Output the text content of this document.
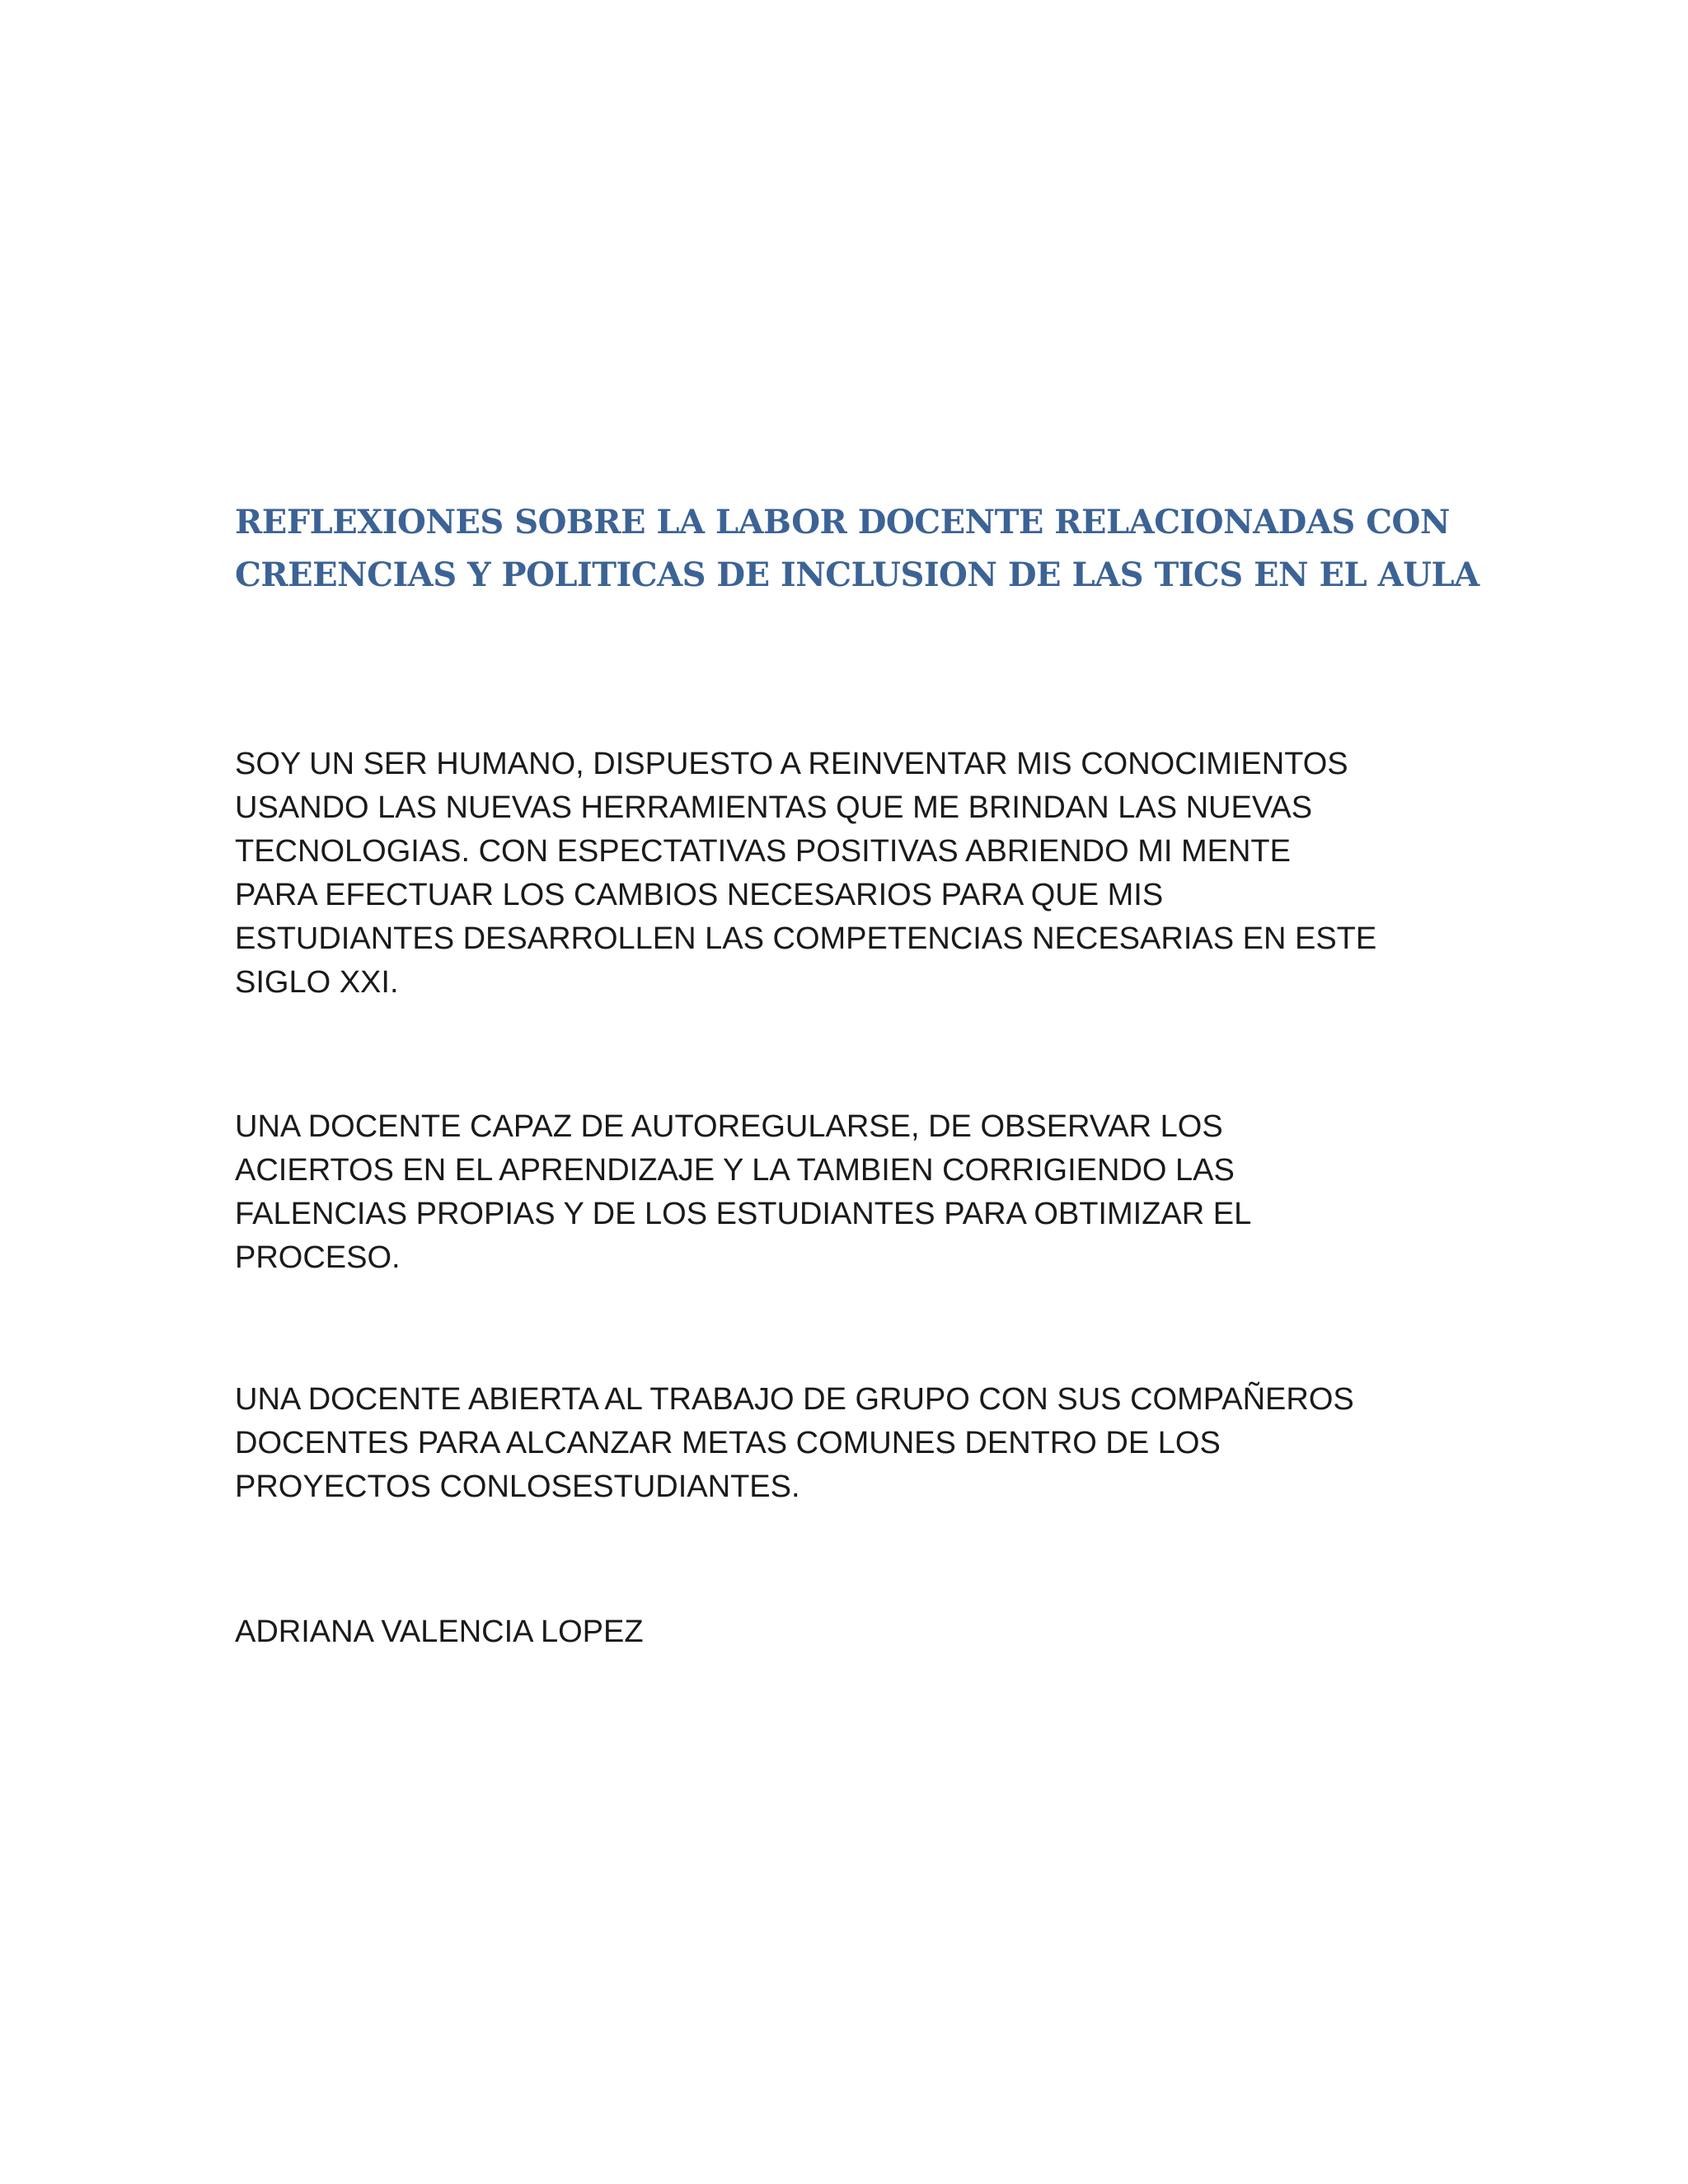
REFLEXIONES SOBRE LA LABOR DOCENTE RELACIONADAS CON
CREENCIAS Y POLITICAS DE INCLUSION DE LAS TICS EN EL AULA

SOY UN SER HUMANO, DISPUESTO A REINVENTAR MIS CONOCIMIENTOS
USANDO LAS NUEVAS HERRAMIENTAS QUE ME BRINDAN LAS NUEVAS
TECNOLOGIAS. CON ESPECTATIVAS POSITIVAS ABRIENDO MI MENTE
PARA EFECTUAR LOS CAMBIOS NECESARIOS PARA QUE MIS
ESTUDIANTES DESARROLLEN LAS COMPETENCIAS NECESARIAS EN ESTE
SIGLO XXI.

UNA DOCENTE CAPAZ DE AUTOREGULARSE, DE OBSERVAR LOS
ACIERTOS EN EL APRENDIZAJE Y LA TAMBIEN CORRIGIENDO LAS
FALENCIAS PROPIAS Y DE LOS ESTUDIANTES PARA OBTIMIZAR EL
PROCESO.

UNA DOCENTE ABIERTA AL TRABAJO DE GRUPO CON SUS COMPAÑEROS
DOCENTES PARA ALCANZAR METAS COMUNES DENTRO DE LOS
PROYECTOS CONLOSESTUDIANTES.

ADRIANA VALENCIA LOPEZ
